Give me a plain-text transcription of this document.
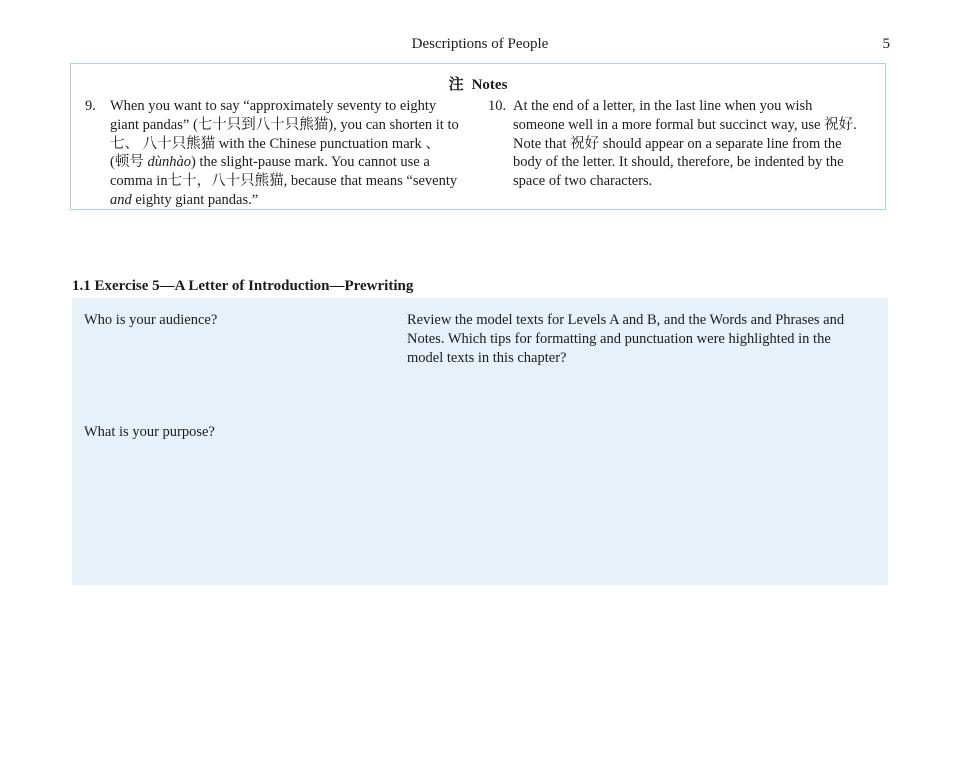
Descriptions of People	5
注 Notes
9. When you want to say “approximately seventy to eighty giant pandas” (七十只到八十只熊猫), you can shorten it to 七、 八十只熊猫 with the Chinese punctuation mark 、 (顿号 dùnhào) the slight-pause mark. You cannot use a comma in七十，八十只熊猫, because that means “seventy and eighty giant pandas.”
10. At the end of a letter, in the last line when you wish someone well in a more formal but succinct way, use 祝好. Note that 祝好 should appear on a separate line from the body of the letter. It should, therefore, be indented by the space of two characters.
1.1 Exercise 5—A Letter of Introduction—Prewriting
Who is your audience?
What is your purpose?
Review the model texts for Levels A and B, and the Words and Phrases and Notes. Which tips for formatting and punctuation were highlighted in the model texts in this chapter?
